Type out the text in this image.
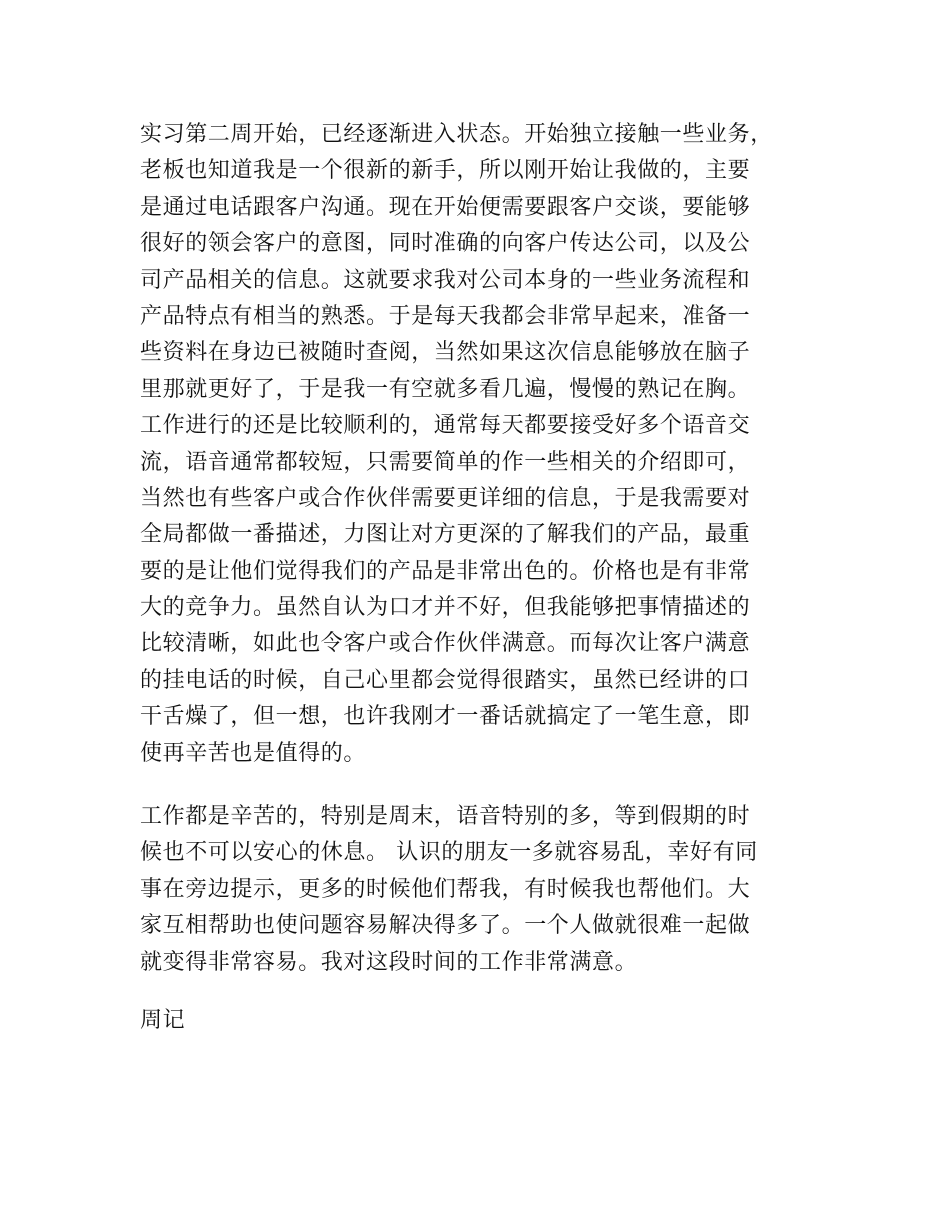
实习第二周开始，已经逐渐进入状态。开始独立接触一些业务，
老板也知道我是一个很新的新手，所以刚开始让我做的，主要
是通过电话跟客户沟通。现在开始便需要跟客户交谈，要能够
很好的领会客户的意图，同时准确的向客户传达公司，以及公
司产品相关的信息。这就要求我对公司本身的一些业务流程和
产品特点有相当的熟悉。于是每天我都会非常早起来，准备一
些资料在身边已被随时查阅，当然如果这次信息能够放在脑子
里那就更好了，于是我一有空就多看几遍，慢慢的熟记在胸。
工作进行的还是比较顺利的，通常每天都要接受好多个语音交
流，语音通常都较短，只需要简单的作一些相关的介绍即可，
当然也有些客户或合作伙伴需要更详细的信息，于是我需要对
全局都做一番描述，力图让对方更深的了解我们的产品，最重
要的是让他们觉得我们的产品是非常出色的。价格也是有非常
大的竞争力。虽然自认为口才并不好，但我能够把事情描述的
比较清晰，如此也令客户或合作伙伴满意。而每次让客户满意
的挂电话的时候，自己心里都会觉得很踏实，虽然已经讲的口
干舌燥了，但一想，也许我刚才一番话就搞定了一笔生意，即
使再辛苦也是值得的。
工作都是辛苦的，特别是周末，语音特别的多，等到假期的时
候也不可以安心的休息。 认识的朋友一多就容易乱，幸好有同
事在旁边提示，更多的时候他们帮我，有时候我也帮他们。大
家互相帮助也使问题容易解决得多了。一个人做就很难一起做
就变得非常容易。我对这段时间的工作非常满意。
周记
